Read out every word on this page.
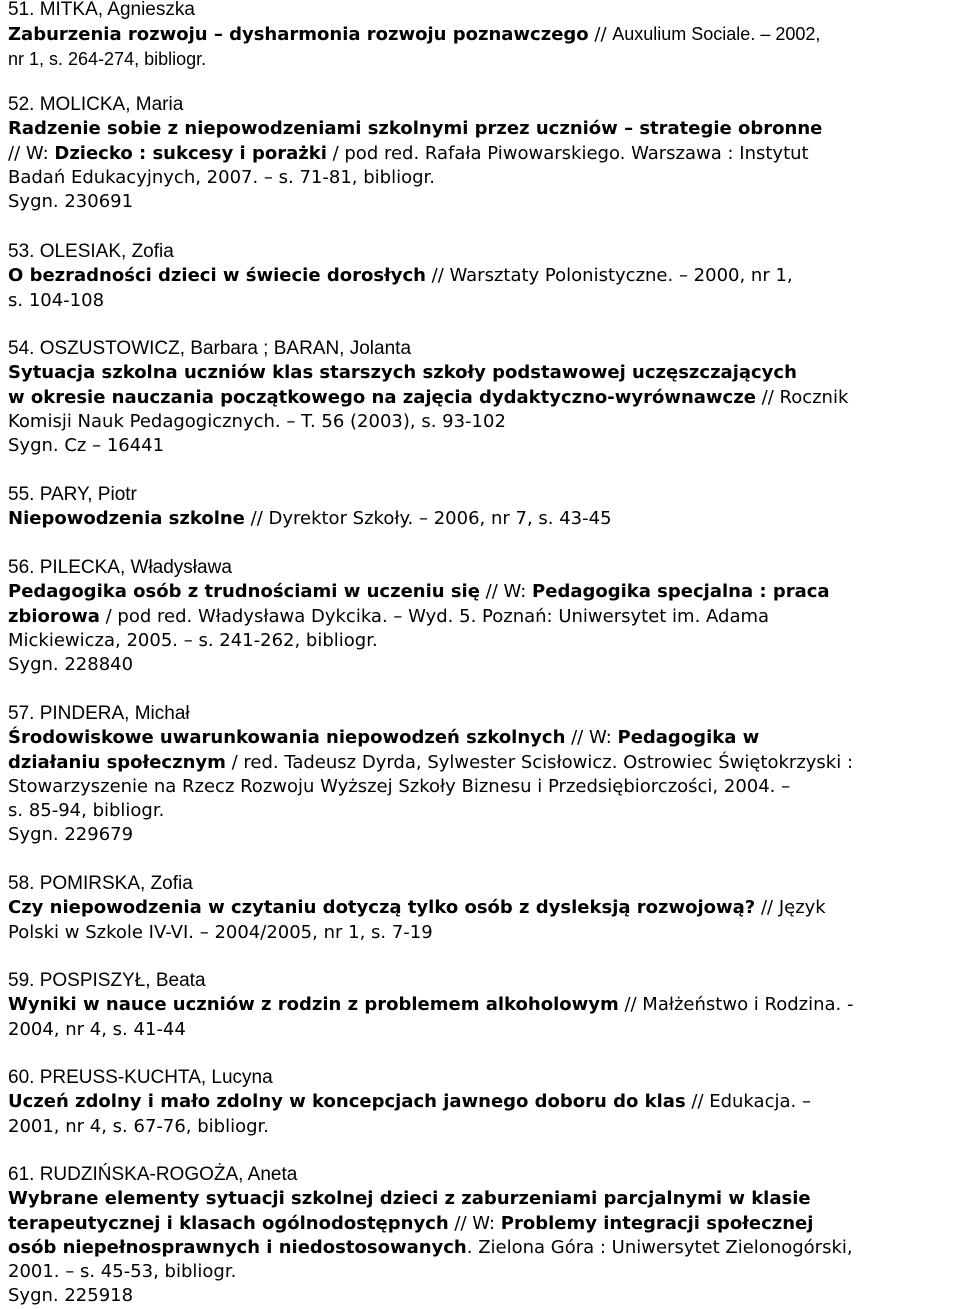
51. MITKA, Agnieszka
Zaburzenia rozwoju – dysharmonia rozwoju poznawczego // Auxulium Sociale. – 2002,
nr 1, s. 264-274, bibliogr.
52. MOLICKA, Maria
Radzenie sobie z niepowodzeniami szkolnymi przez uczniów – strategie obronne
// W: Dziecko : sukcesy i porażki / pod red. Rafała Piwowarskiego. Warszawa : Instytut
Badań Edukacyjnych, 2007. – s. 71-81, bibliogr.
Sygn. 230691
53. OLESIAK, Zofia
O bezradności dzieci w świecie dorosłych // Warsztaty Polonistyczne. – 2000, nr 1,
s. 104-108
54. OSZUSTOWICZ, Barbara ; BARAN, Jolanta
Sytuacja szkolna uczniów klas starszych szkoły podstawowej uczęszczających
w okresie nauczania początkowego na zajęcia dydaktyczno-wyrównawcze // Rocznik
Komisji Nauk Pedagogicznych. – T. 56 (2003), s. 93-102
Sygn. Cz – 16441
55. PARY, Piotr
Niepowodzenia szkolne // Dyrektor Szkoły. – 2006, nr 7, s. 43-45
56. PILECKA, Władysława
Pedagogika osób z trudnościami w uczeniu się // W: Pedagogika specjalna : praca
zbiorowa / pod red. Władysława Dykcika. – Wyd. 5. Poznań: Uniwersytet im. Adama
Mickiewicza, 2005. – s. 241-262, bibliogr.
Sygn. 228840
57. PINDERA, Michał
Środowiskowe uwarunkowania niepowodzeń szkolnych // W: Pedagogika w
działaniu społecznym / red. Tadeusz Dyrda, Sylwester Scisłowicz. Ostrowiec Świętokrzyski :
Stowarzyszenie na Rzecz Rozwoju Wyższej Szkoły Biznesu i Przedsiębiorczości, 2004. –
s. 85-94, bibliogr.
Sygn. 229679
58. POMIRSKA, Zofia
Czy niepowodzenia w czytaniu dotyczą tylko osób z dysleksją rozwojową? // Język
Polski w Szkole IV-VI. – 2004/2005, nr 1, s. 7-19
59. POSPISZYŁ, Beata
Wyniki w nauce uczniów z rodzin z problemem alkoholowym // Małżeństwo i Rodzina. -
2004, nr 4, s. 41-44
60. PREUSS-KUCHTA, Lucyna
Uczeń zdolny i mało zdolny w koncepcjach jawnego doboru do klas // Edukacja. –
2001, nr 4, s. 67-76, bibliogr.
61. RUDZIŃSKA-ROGOŻA, Aneta
Wybrane elementy sytuacji szkolnej dzieci z zaburzeniami parcjalnymi w klasie
terapeutycznej i klasach ogólnodostępnych // W: Problemy integracji społecznej
osób niepełnosprawnych i niedostosowanych. Zielona Góra : Uniwersytet Zielonogórski,
2001. – s. 45-53, bibliogr.
Sygn. 225918
